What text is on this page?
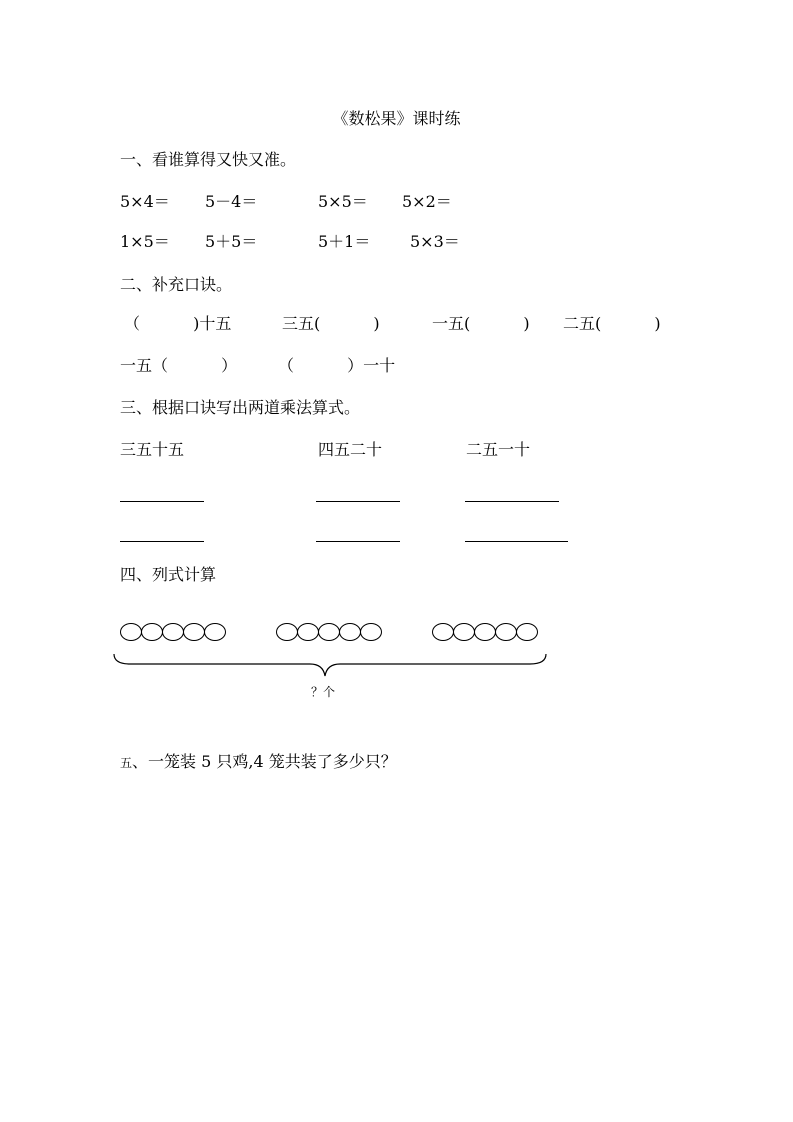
《数松果》课时练
一、看谁算得又快又准。
5×4＝ 5－4＝	5×5＝ 5×2＝
1×5＝ 5＋5＝	5＋1＝ 5×3＝
二、补充口诀。
（　　　 )十五	三五(　　　 )	一五(　　　 ) 二五(　　　 )
一五（　　　 ）	（　　　 ）一十
三、根据口诀写出两道乘法算式。
三五十五	四五二十	二五一十
四、列式计算
？个
五、一笼装 5 只鸡,4 笼共装了多少只？
